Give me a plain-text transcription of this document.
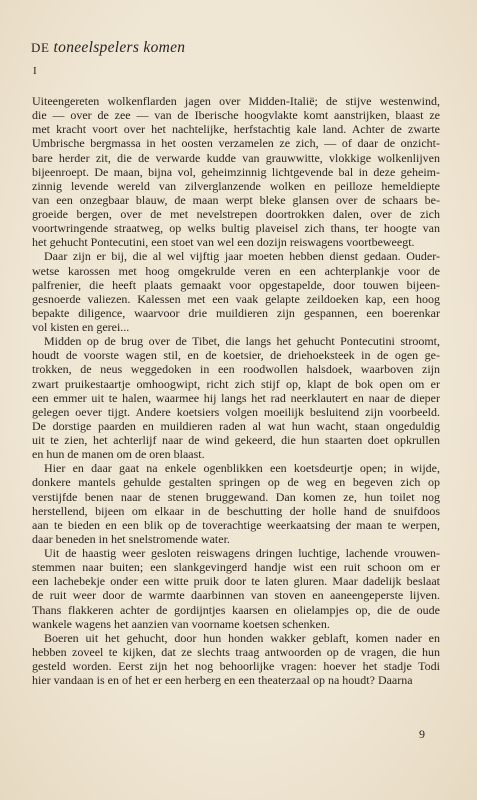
DE toneelspelers komen
I
Uiteengereten wolkenflarden jagen over Midden-Italië; de stijve westenwind,
die — over de zee — van de Iberische hoogvlakte komt aanstrijken, blaast ze
met kracht voort over het nachtelijke, herfstachtig kale land. Achter de zwarte
Umbrische bergmassa in het oosten verzamelen ze zich, — of daar de onzicht-
bare herder zit, die de verwarde kudde van grauwwitte, vlokkige wolkenlijven
bijeenroept. De maan, bijna vol, geheimzinnig lichtgevende bal in deze geheim-
zinnig levende wereld van zilverglanzende wolken en peilloze hemeldiepte
van een onzegbaar blauw, de maan werpt bleke glansen over de schaars be-
groeide bergen, over de met nevelstrepen doortrokken dalen, over de zich
voortwringende straatweg, op welks bultig plaveisel zich thans, ter hoogte van
het gehucht Pontecutini, een stoet van wel een dozijn reiswagens voortbeweegt.
Daar zijn er bij, die al wel vijftig jaar moeten hebben dienst gedaan. Ouder-
wetse karossen met hoog omgekrulde veren en een achterplankje voor de
palfrenier, die heeft plaats gemaakt voor opgestapelde, door touwen bijeen-
gesnoerde valiezen. Kalessen met een vaak gelapte zeildoeken kap, een hoog
bepakte diligence, waarvoor drie muildieren zijn gespannen, een boerenkar
vol kisten en gerei...
Midden op de brug over de Tibet, die langs het gehucht Pontecutini stroomt,
houdt de voorste wagen stil, en de koetsier, de driehoeksteek in de ogen ge-
trokken, de neus weggedoken in een roodwollen halsdoek, waarboven zijn
zwart pruikestaartje omhoogwipt, richt zich stijf op, klapt de bok open om er
een emmer uit te halen, waarmee hij langs het rad neerklautert en naar de dieper
gelegen oever tijgt. Andere koetsiers volgen moeilijk besluitend zijn voorbeeld.
De dorstige paarden en muildieren raden al wat hun wacht, staan ongeduldig
uit te zien, het achterlijf naar de wind gekeerd, die hun staarten doet opkrullen
en hun de manen om de oren blaast.
Hier en daar gaat na enkele ogenblikken een koetsdeurtje open; in wijde,
donkere mantels gehulde gestalten springen op de weg en begeven zich op
verstijfde benen naar de stenen bruggewand. Dan komen ze, hun toilet nog
herstellend, bijeen om elkaar in de beschutting der holle hand de snuifdoos
aan te bieden en een blik op de toverachtige weerkaatsing der maan te werpen,
daar beneden in het snelstromende water.
Uit de haastig weer gesloten reiswagens dringen luchtige, lachende vrouwen-
stemmen naar buiten; een slankgevingerd handje wist een ruit schoon om er
een lachebekje onder een witte pruik door te laten gluren. Maar dadelijk beslaat
de ruit weer door de warmte daarbinnen van stoven en aaneengeperste lijven.
Thans flakkeren achter de gordijntjes kaarsen en olielampjes op, die de oude
wankele wagens het aanzien van voorname koetsen schenken.
Boeren uit het gehucht, door hun honden wakker geblaft, komen nader en
hebben zoveel te kijken, dat ze slechts traag antwoorden op de vragen, die hun
gesteld worden. Eerst zijn het nog behoorlijke vragen: hoever het stadje Todi
hier vandaan is en of het er een herberg en een theaterzaal op na houdt? Daarna
9
